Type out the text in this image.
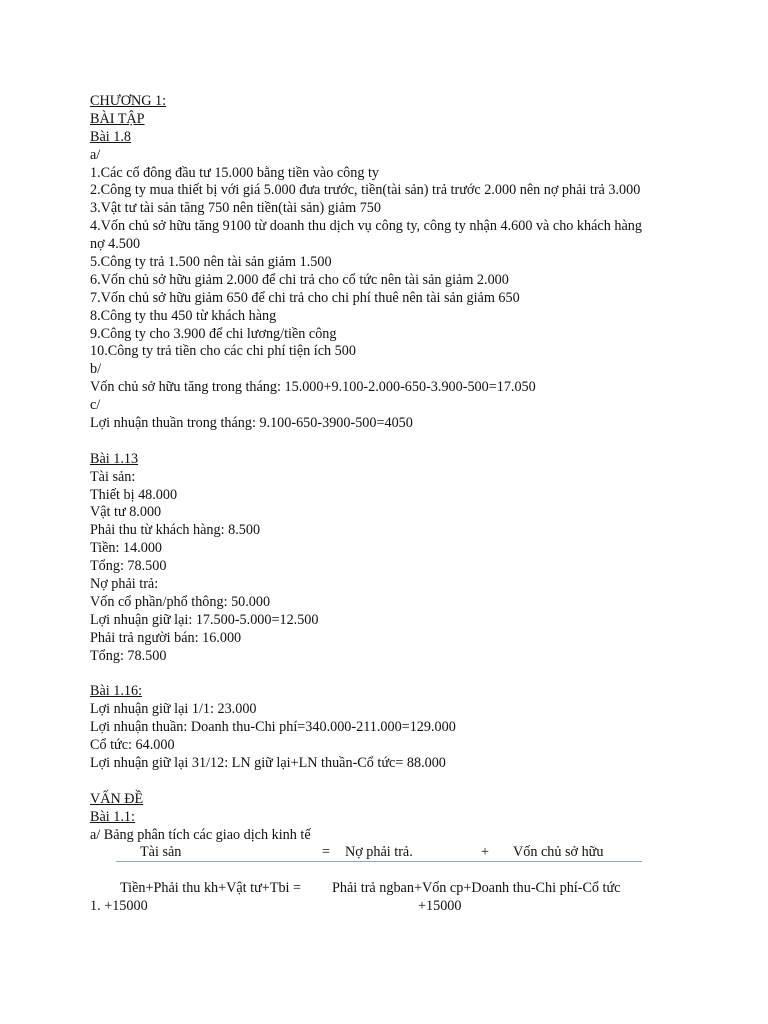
CHƯƠNG 1:
BÀI TẬP
Bài 1.8
a/
1.Các cổ đông đầu tư 15.000 bằng tiền vào công ty
2.Công ty mua thiết bị với giá 5.000 đưa trước, tiền(tài sản) trả trước 2.000 nên nợ phải trả 3.000
3.Vật tư tài sản tăng 750 nên tiền(tài sản) giảm 750
4.Vốn chủ sở hữu tăng 9100 từ doanh thu dịch vụ công ty, công ty nhận 4.600 và cho khách hàng
nợ 4.500
5.Công ty trả 1.500 nên tài sản giảm 1.500
6.Vốn chủ sở hữu giảm 2.000 để chi trả cho cổ tức nên tài sản giảm 2.000
7.Vốn chủ sở hữu giảm 650 để chi trả cho chi phí thuê nên tài sản giảm 650
8.Công ty thu 450 từ khách hàng
9.Công ty cho 3.900 để chi lương/tiền công
10.Công ty trả tiền cho các chi phí tiện ích 500
b/
Vốn chủ sở hữu tăng trong tháng: 15.000+9.100-2.000-650-3.900-500=17.050
c/
Lợi nhuận thuần trong tháng: 9.100-650-3900-500=4050
Bài 1.13
Tài sản:
Thiết bị 48.000
Vật tư 8.000
Phải thu từ khách hàng: 8.500
Tiền: 14.000
Tổng: 78.500
Nợ phải trả:
Vốn cổ phần/phổ thông: 50.000
Lợi nhuận giữ lại: 17.500-5.000=12.500
Phải trả người bán: 16.000
Tổng: 78.500
Bài 1.16:
Lợi nhuận giữ lại 1/1: 23.000
Lợi nhuận thuần: Doanh thu-Chi phí=340.000-211.000=129.000
Cổ tức: 64.000
Lợi nhuận giữ lại 31/12: LN giữ lại+LN thuần-Cổ tức= 88.000
VẤN ĐỀ
Bài 1.1:
a/ Bảng phân tích các giao dịch kinh tế
Tài sản	= Nợ phải trả.	+ Vốn chủ sở hữu
Tiền+Phải thu kh+Vật tư+Tbi = Phải trả ngban+Vốn cp+Doanh thu-Chi phí-Cổ tức
1. +15000	+15000
